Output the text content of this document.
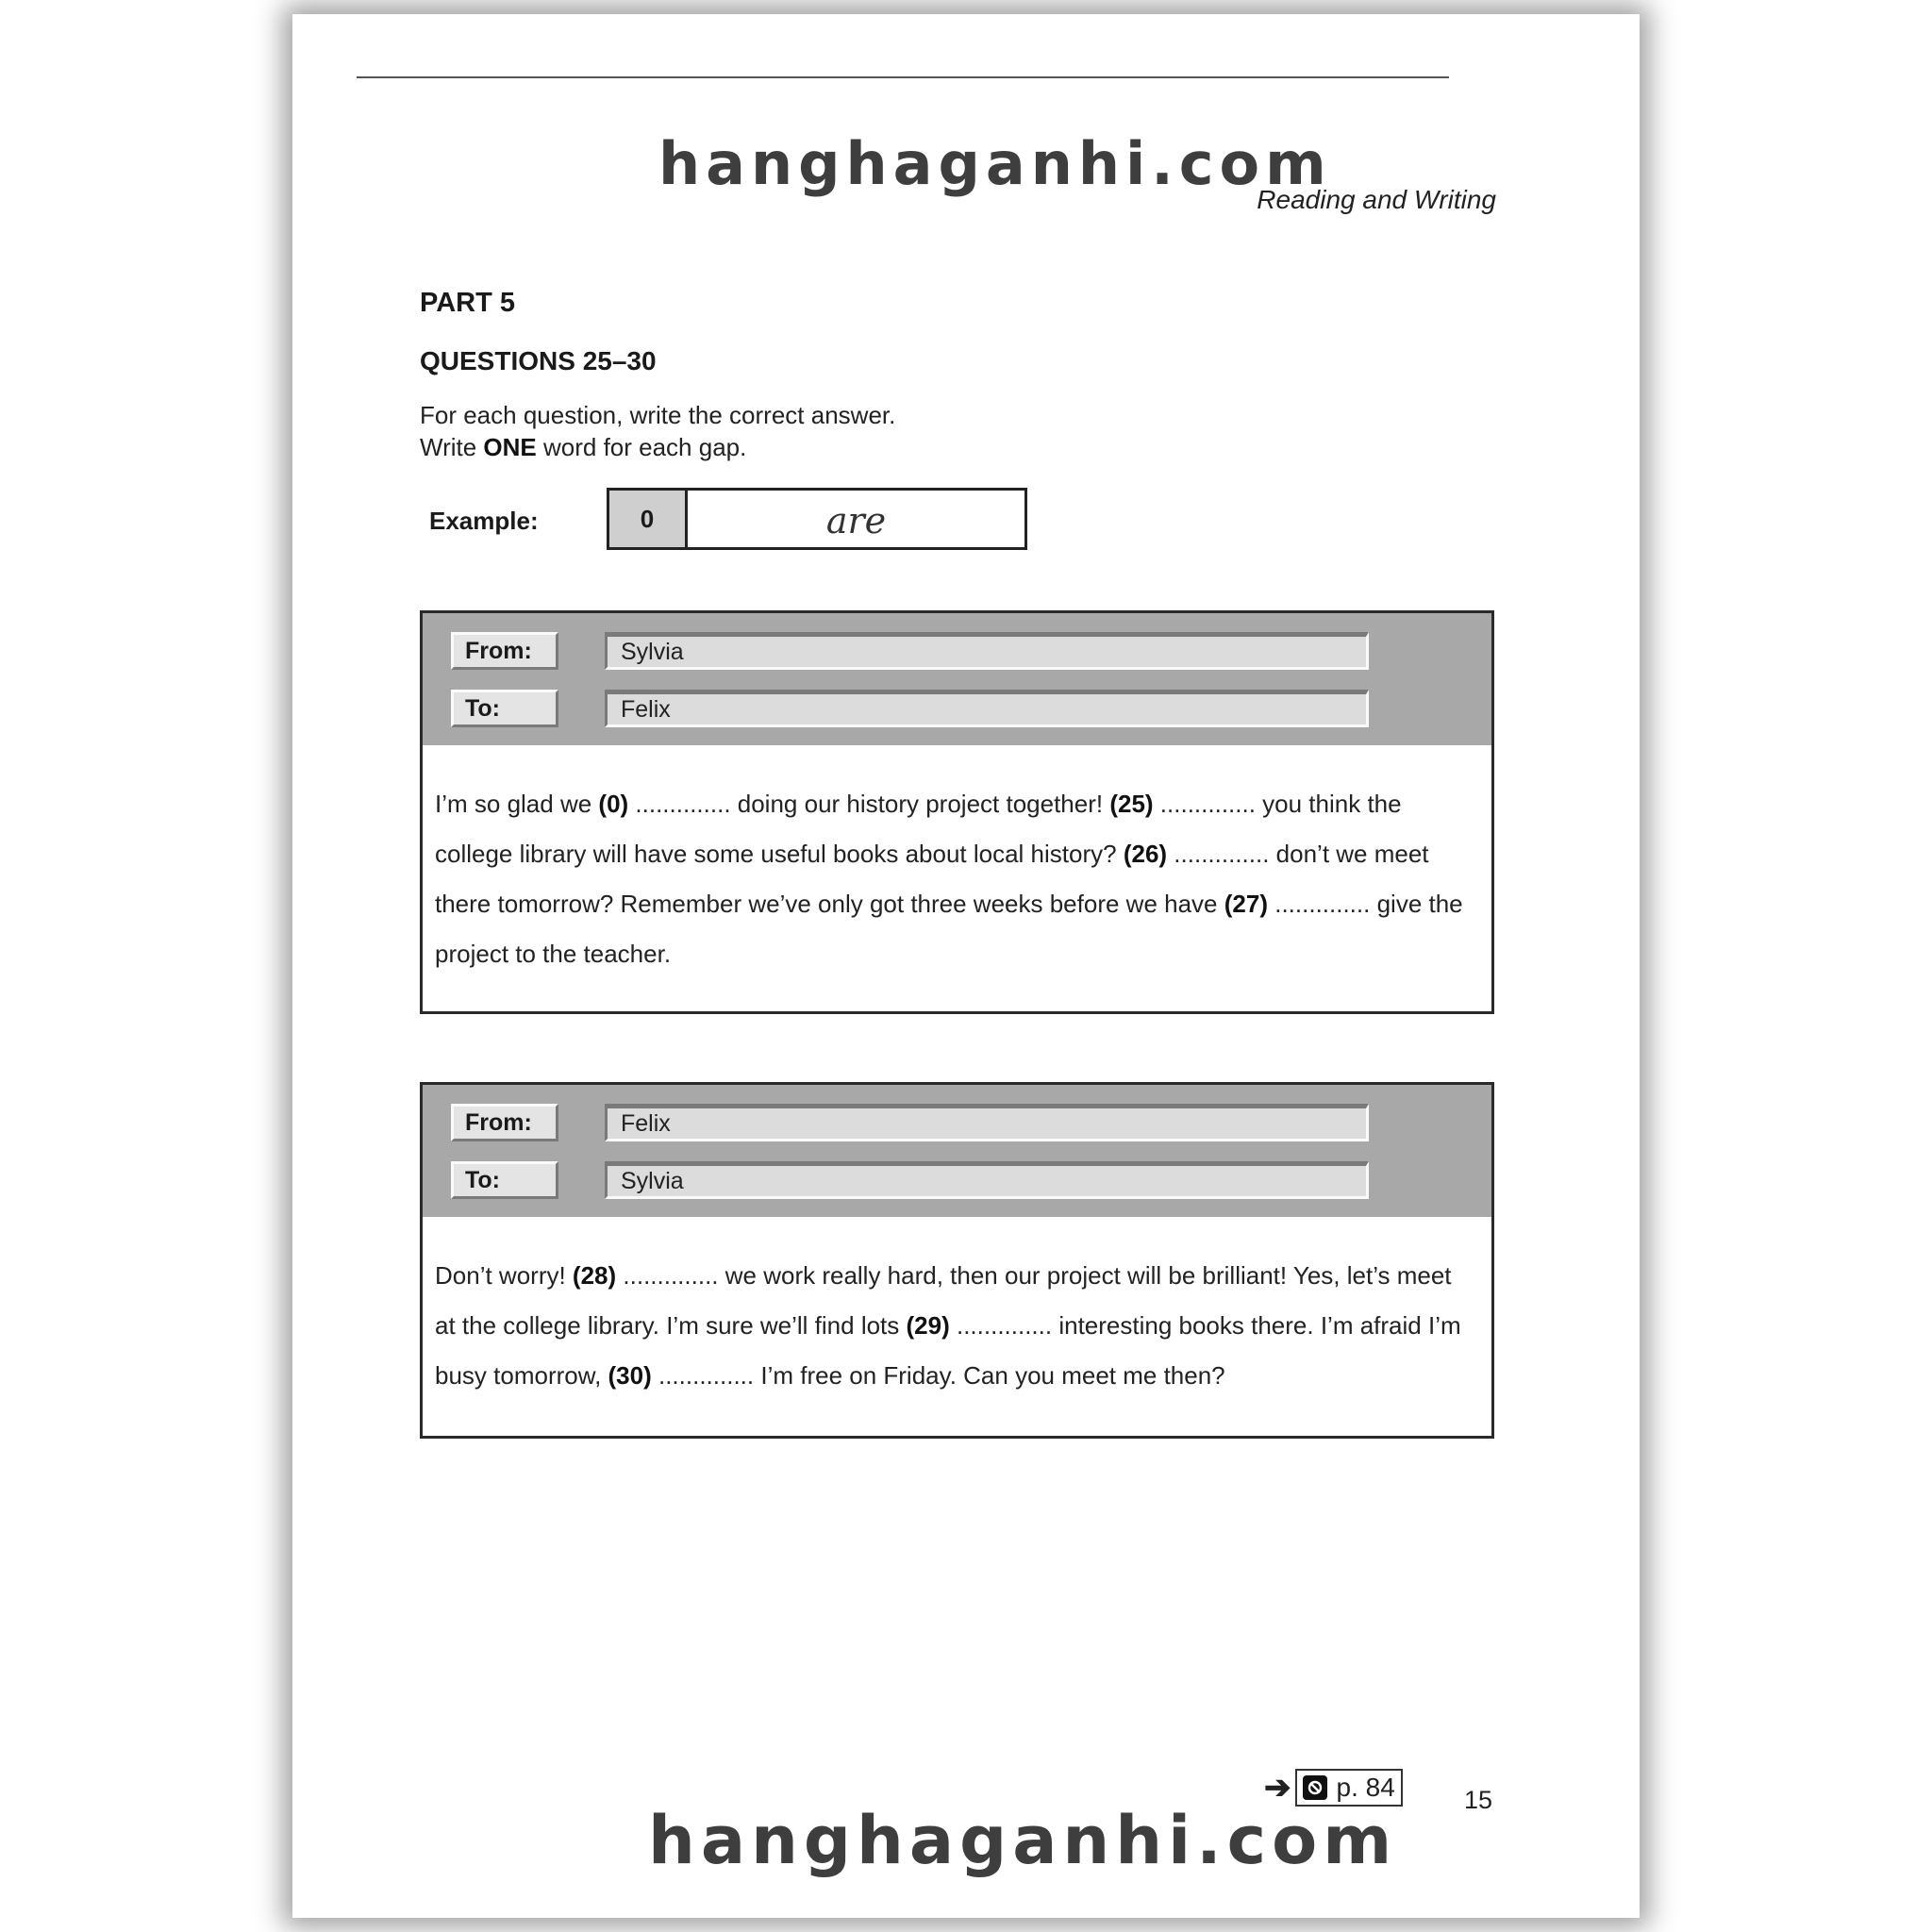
hanghaganhi.com
Reading and Writing
PART 5
QUESTIONS 25–30
For each question, write the correct answer.
Write ONE word for each gap.
Example:	0	are
From:	Sylvia
To:	Felix
I’m so glad we (0) .............. doing our history project together! (25) .............. you think the college library will have some useful books about local history? (26) .............. don’t we meet there tomorrow? Remember we’ve only got three weeks before we have (27) .............. give the project to the teacher.
From:	Felix
To:	Sylvia
Don’t worry! (28) .............. we work really hard, then our project will be brilliant! Yes, let’s meet at the college library. I’m sure we’ll find lots (29) .............. interesting books there. I’m afraid I’m busy tomorrow, (30) .............. I’m free on Friday. Can you meet me then?
➔ p. 84	15
hanghaganhi.com
